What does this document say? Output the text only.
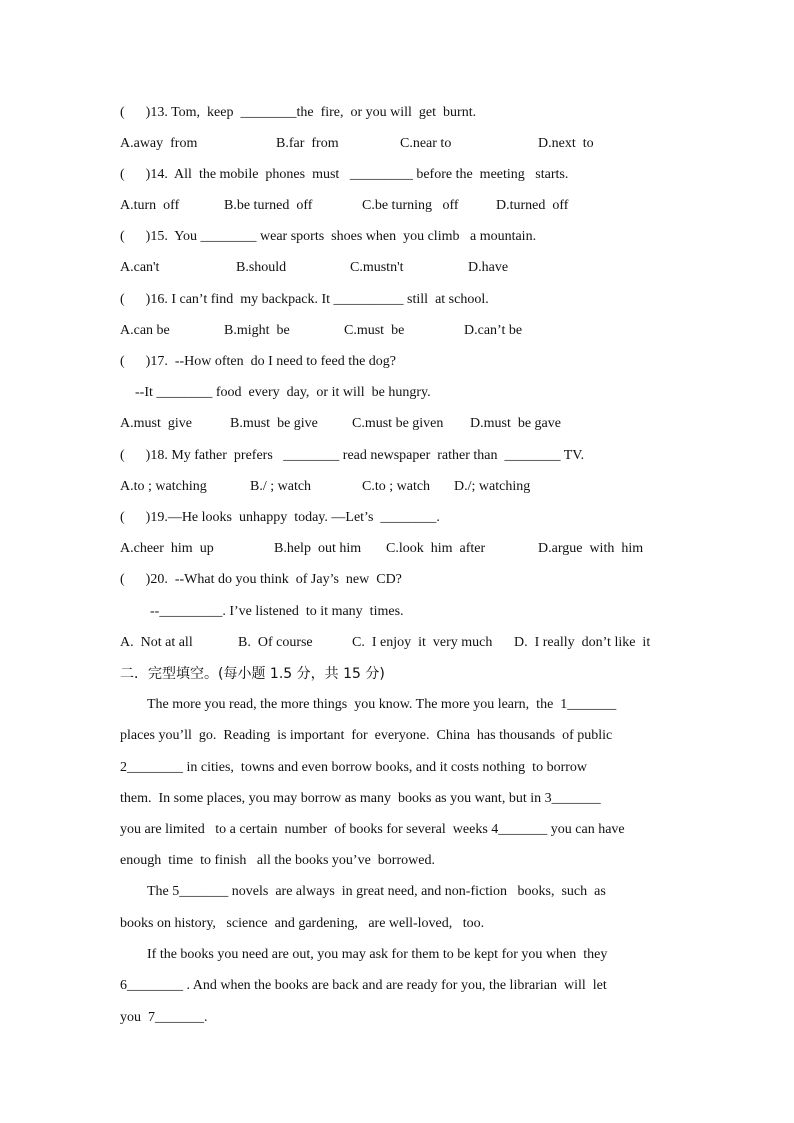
(      )13. Tom,  keep  ________the  fire,  or you will  get  burnt.
A.away  from	B.far  from	C.near to	D.next  to
(      )14.  All  the mobile  phones  must   _________ before the  meeting   starts.
A.turn  off	B.be turned  off	C.be turning   off	D.turned  off
(      )15.  You ________ wear sports  shoes when  you climb   a mountain.
A.can't	B.should	C.mustn't	D.have
(      )16. I can’t find  my backpack. It __________ still  at school.
A.can be	B.might  be	C.must  be	D.can’t be
(      )17.  --How often  do I need to feed the dog?
--It ________ food  every  day,  or it will  be hungry.
A.must  give	B.must  be give C.must be given D.must  be gave
(      )18. My father  prefers   ________ read newspaper  rather than  ________ TV.
A.to ; watching	B./ ; watch	C.to ; watch D./; watching
(      )19.—He looks  unhappy  today. —Let’s  ________.
A.cheer  him  up	B.help  out him C.look  him  after	D.argue  with  him
(      )20.  --What do you think  of Jay’s  new  CD?
--_________. I’ve listened  to it many  times.
A.  Not at all	B.  Of course	C.  I enjoy  it  very much D.  I really  don’t like  it
二．完型填空。(每小题 1.5 分，共 15 分)
The more you read, the more things  you know. The more you learn,  the  1_______
places you’ll  go.  Reading  is important  for  everyone.  China  has thousands  of public
2________ in cities,  towns and even borrow books, and it costs nothing  to borrow
them.  In some places, you may borrow as many  books as you want, but in 3_______
you are limited   to a certain  number  of books for several  weeks 4_______ you can have
enough  time  to finish   all the books you’ve  borrowed.
The 5_______ novels  are always  in great need, and non-fiction   books,  such  as
books on history,   science  and gardening,   are well-loved,   too.
If the books you need are out, you may ask for them to be kept for you when  they
6________ . And when the books are back and are ready for you, the librarian  will  let
you  7_______.
